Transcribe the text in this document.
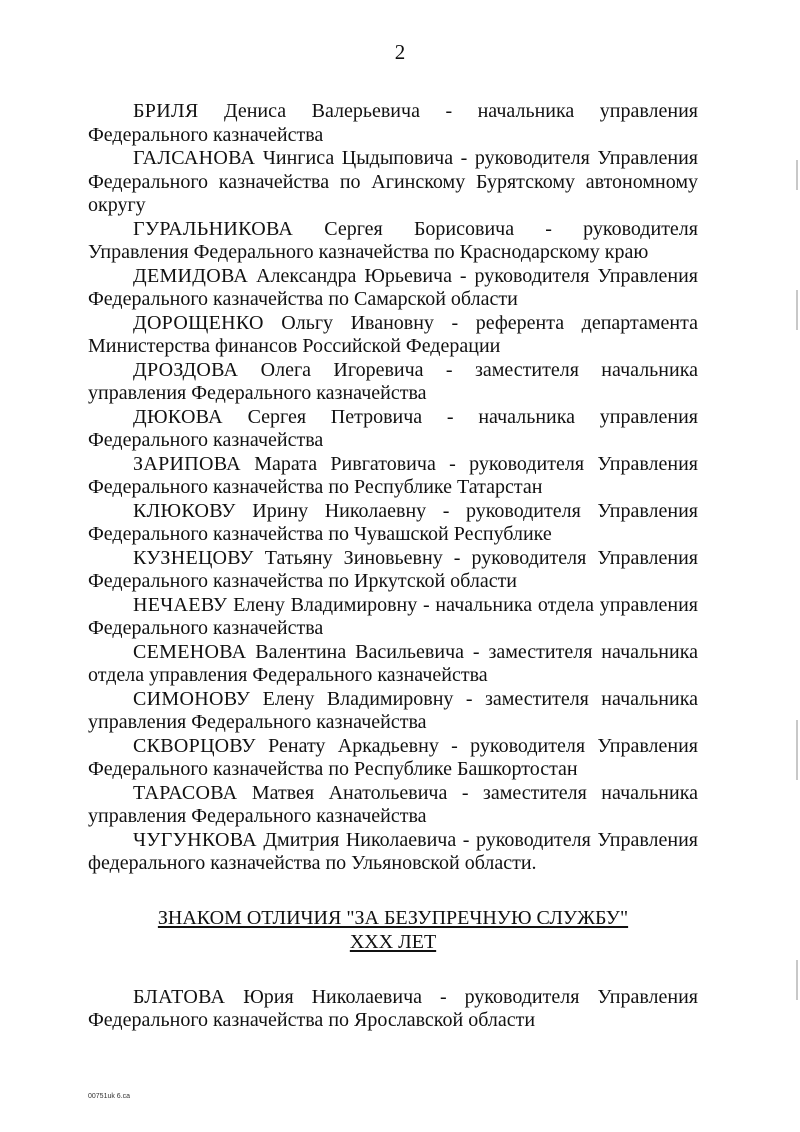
2

БРИЛЯ Дениса Валерьевича - начальника управления Федерального казначейства

ГАЛСАНОВА Чингиса Цыдыповича - руководителя Управления Федерального казначейства по Агинскому Бурятскому автономному округу

ГУРАЛЬНИКОВА Сергея Борисовича - руководителя Управления Федерального казначейства по Краснодарскому краю

ДЕМИДОВА Александра Юрьевича - руководителя Управления Федерального казначейства по Самарской области

ДОРОЩЕНКО Ольгу Ивановну - референта департамента Министерства финансов Российской Федерации

ДРОЗДОВА Олега Игоревича - заместителя начальника управления Федерального казначейства

ДЮКОВА Сергея Петровича - начальника управления Федерального казначейства

ЗАРИПОВА Марата Ривгатовича - руководителя Управления Федерального казначейства по Республике Татарстан

КЛЮКОВУ Ирину Николаевну - руководителя Управления Федерального казначейства по Чувашской Республике

КУЗНЕЦОВУ Татьяну Зиновьевну - руководителя Управления Федерального казначейства по Иркутской области

НЕЧАЕВУ Елену Владимировну - начальника отдела управления Федерального казначейства

СЕМЕНОВА Валентина Васильевича - заместителя начальника отдела управления Федерального казначейства

СИМОНОВУ Елену Владимировну - заместителя начальника управления Федерального казначейства

СКВОРЦОВУ Ренату Аркадьевну - руководителя Управления Федерального казначейства по Республике Башкортостан

ТАРАСОВА Матвея Анатольевича - заместителя начальника управления Федерального казначейства

ЧУГУНКОВА Дмитрия Николаевича - руководителя Управления федерального казначейства по Ульяновской области.

ЗНАКОМ ОТЛИЧИЯ "ЗА БЕЗУПРЕЧНУЮ СЛУЖБУ"
XXX ЛЕТ

БЛАТОВА Юрия Николаевича - руководителя Управления Федерального казначейства по Ярославской области

00751uk 6.ca
